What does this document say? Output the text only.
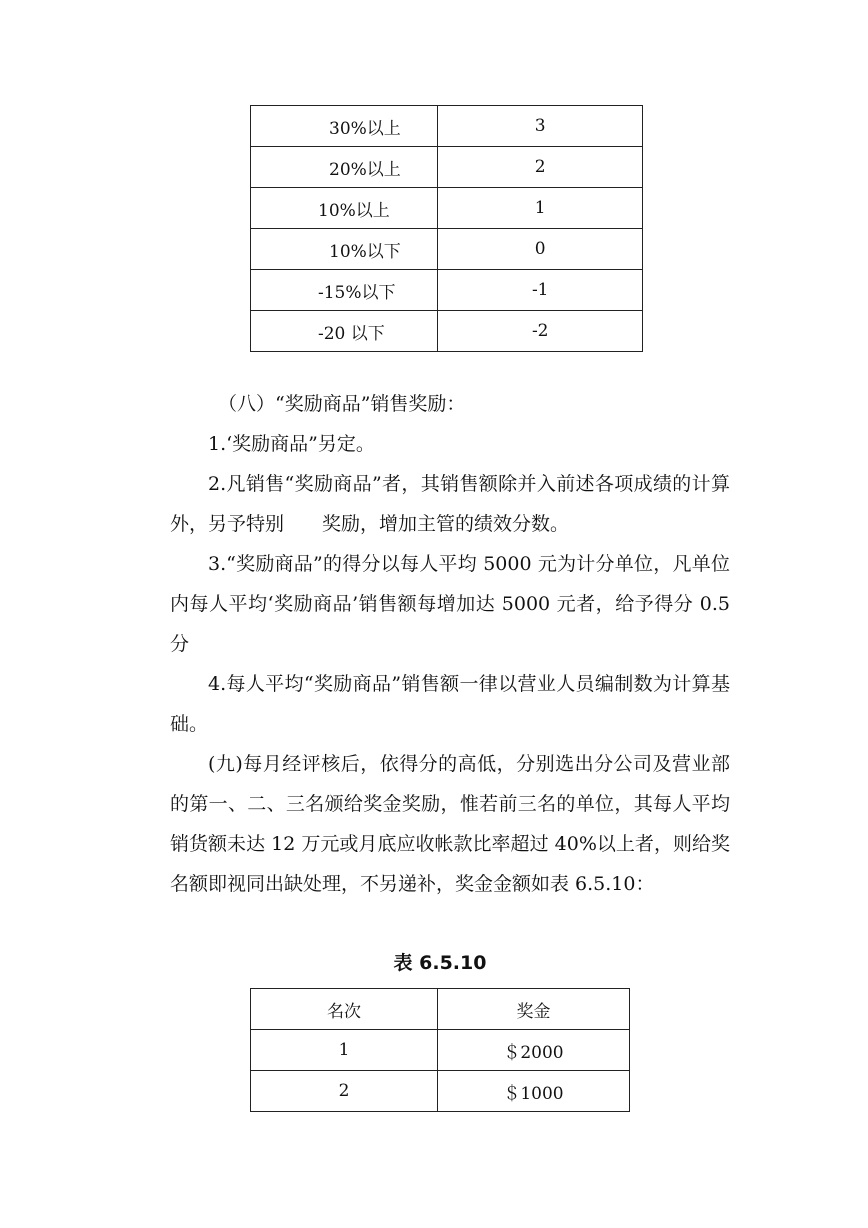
30%以上	3
20%以上	2
10%以上	1
10%以下	0
-15%以下	-1
-20 以下	-2

（八）“奖励商品”销售奖励：

1.‘奖励商品”另定。

2.凡销售“奖励商品”者，其销售额除并入前述各项成绩的计算外，另予特别　　奖励，增加主管的绩效分数。

3.“奖励商品”的得分以每人平均 5000 元为计分单位，凡单位内每人平均‘奖励商品’销售额每增加达 5000 元者，给予得分 0.5 分

4.每人平均“奖励商品”销售额一律以营业人员编制数为计算基础。

(九)每月经评核后，依得分的高低，分别选出分公司及营业部的第一、二、三名颁给奖金奖励，惟若前三名的单位，其每人平均销货额未达 12 万元或月底应收帐款比率超过 40%以上者，则给奖名额即视同出缺处理，不另递补，奖金金额如表 6.5.10：

表 6.5.10
名次	奖金
1	＄2000
2	＄1000
